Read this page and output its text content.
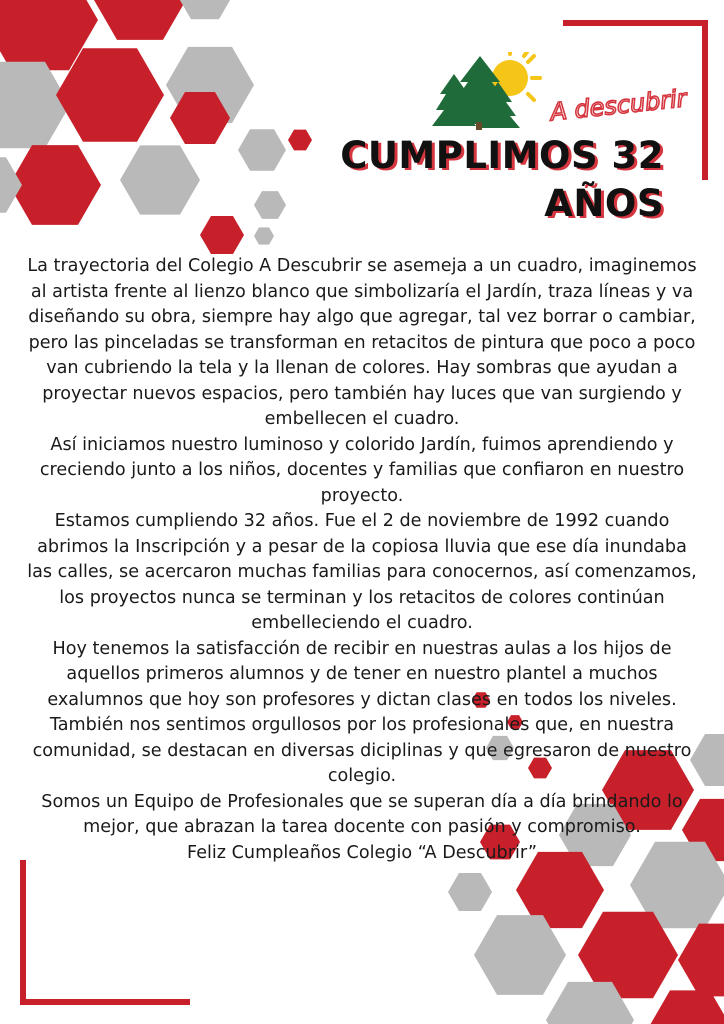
A descubrir
CUMPLIMOS 32
AÑOS

La trayectoria del Colegio A Descubrir se asemeja a un cuadro, imaginemos al artista frente al lienzo blanco que simbolizaría el Jardín, traza líneas y va diseñando su obra, siempre hay algo que agregar, tal vez borrar o cambiar, pero las pinceladas se transforman en retacitos de pintura que poco a poco van cubriendo la tela y la llenan de colores. Hay sombras que ayudan a proyectar nuevos espacios, pero también hay luces que van surgiendo y embellecen el cuadro.

Así iniciamos nuestro luminoso y colorido Jardín, fuimos aprendiendo y creciendo junto a los niños, docentes y familias que confiaron en nuestro proyecto.

Estamos cumpliendo 32 años. Fue el 2 de noviembre de 1992 cuando abrimos la Inscripción y a pesar de la copiosa lluvia que ese día inundaba las calles, se acercaron muchas familias para conocernos, así comenzamos, los proyectos nunca se terminan y los retacitos de colores continúan embelleciendo el cuadro.

Hoy tenemos la satisfacción de recibir en nuestras aulas a los hijos de aquellos primeros alumnos y de tener en nuestro plantel a muchos exalumnos que hoy son profesores y dictan clases en todos los niveles. También nos sentimos orgullosos por los profesionales que, en nuestra comunidad, se destacan en diversas diciplinas y que egresaron de nuestro colegio.

Somos un Equipo de Profesionales que se superan día a día brindando lo mejor, que abrazan la tarea docente con pasión y compromiso.

Feliz Cumpleaños Colegio “A Descubrir”
